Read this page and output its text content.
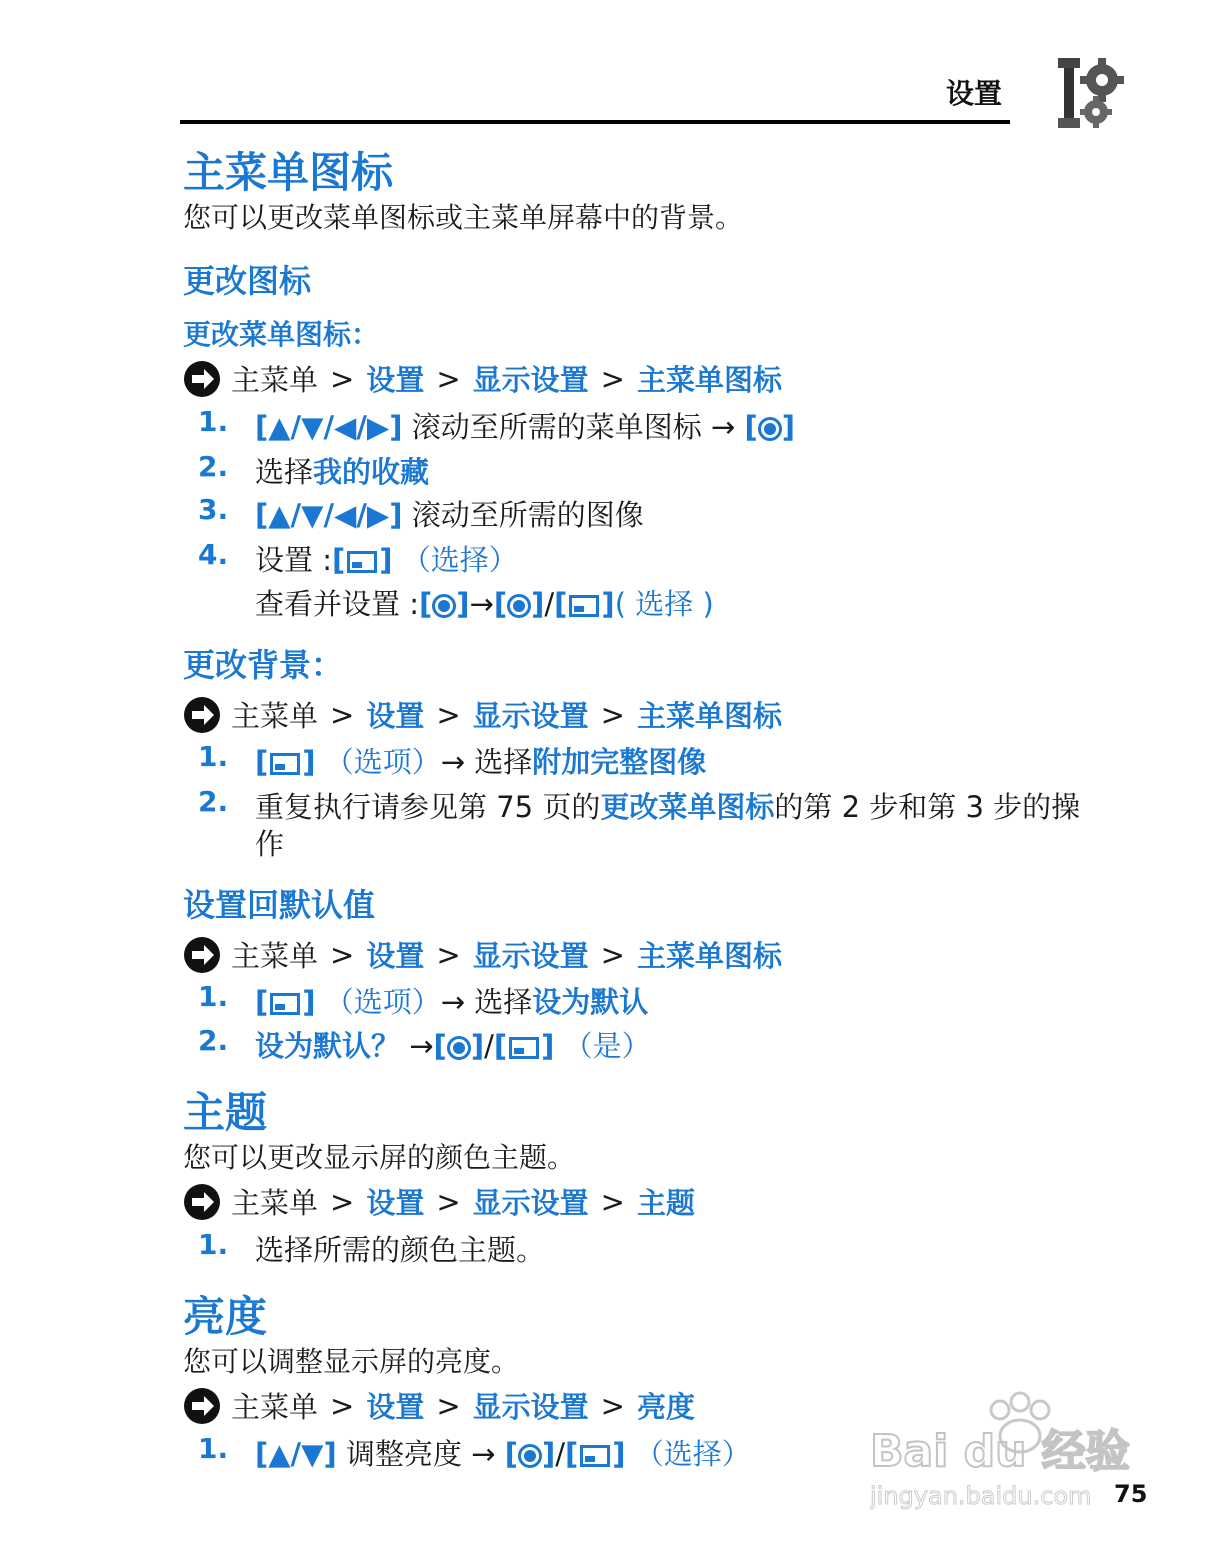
设置
主菜单图标
您可以更改菜单图标或主菜单屏幕中的背景。
更改图标
更改菜单图标：
主菜单 > 设置 > 显示设置 > 主菜单图标
1. [▲/▼/◀/▶] 滚动至所需的菜单图标 → [ ]
2. 选择我的收藏
3. [▲/▼/◀/▶] 滚动至所需的图像
4. 设置 :[ ] （选择）
查看并设置 :[ ]→[ ]/[ ]( 选择 )
更改背景：
主菜单 > 设置 > 显示设置 > 主菜单图标
1. [ ] （选项）→ 选择附加完整图像
2. 重复执行请参见第 75 页的更改菜单图标的第 2 步和第 3 步的操
作
设置回默认值
主菜单 > 设置 > 显示设置 > 主菜单图标
1. [ ] （选项）→ 选择设为默认
2. 设为默认？ →[ ]/[ ] （是）
主题
您可以更改显示屏的颜色主题。
主菜单 > 设置 > 显示设置 > 主题
1. 选择所需的颜色主题。
亮度
您可以调整显示屏的亮度。
主菜单 > 设置 > 显示设置 > 亮度
1. [▲/▼] 调整亮度 → [ ]/[ ] （选择）	Bai du 经验
jingyan.baidu.com 75
